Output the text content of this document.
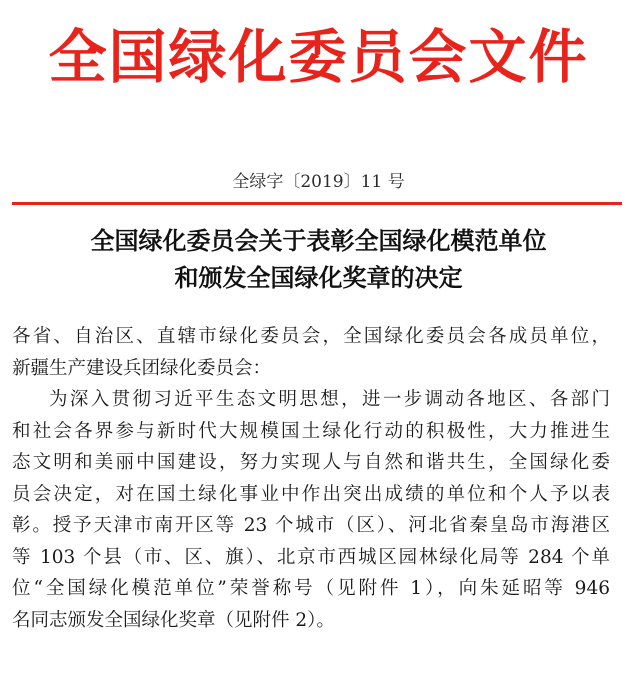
全国绿化委员会文件
全绿字〔2019〕11 号
全国绿化委员会关于表彰全国绿化模范单位
和颁发全国绿化奖章的决定
各省、自治区、直辖市绿化委员会，全国绿化委员会各成员单位，
新疆生产建设兵团绿化委员会：
为深入贯彻习近平生态文明思想，进一步调动各地区、各部门
和社会各界参与新时代大规模国土绿化行动的积极性，大力推进生
态文明和美丽中国建设，努力实现人与自然和谐共生，全国绿化委
员会决定，对在国土绿化事业中作出突出成绩的单位和个人予以表
彰。授予天津市南开区等 23 个城市（区）、河北省秦皇岛市海港区
等 103 个县（市、区、旗）、北京市西城区园林绿化局等 284 个单
位“全国绿化模范单位”荣誉称号（见附件 1），向朱延昭等 946
名同志颁发全国绿化奖章（见附件 2）。
